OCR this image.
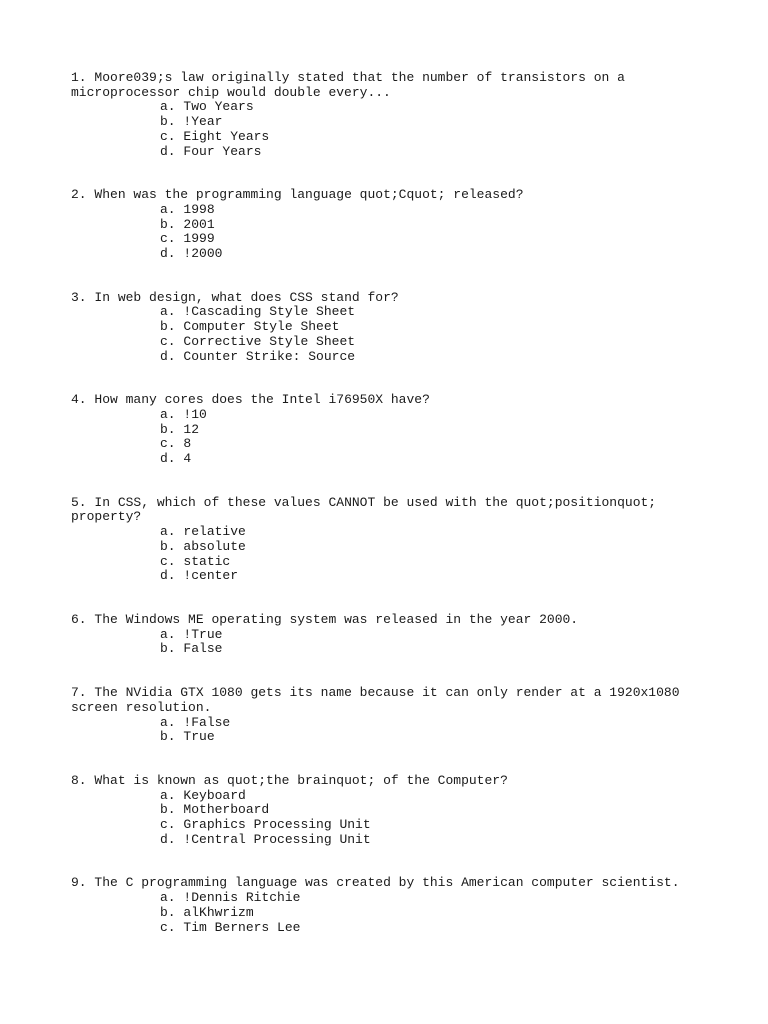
1. Moore039;s law originally stated that the number of transistors on a microprocessor chip would double every...

a. Two Years
b. !Year
c. Eight Years
d. Four Years

2. When was the programming language quot;Cquot; released?

a. 1998
b. 2001
c. 1999
d. !2000

3. In web design, what does CSS stand for?

a. !Cascading Style Sheet
b. Computer Style Sheet
c. Corrective Style Sheet
d. Counter Strike: Source

4. How many cores does the Intel i76950X have?

a. !10
b. 12
c. 8
d. 4

5. In CSS, which of these values CANNOT be used with the quot;positionquot; property?

a. relative
b. absolute
c. static
d. !center

6. The Windows ME operating system was released in the year 2000.

a. !True
b. False

7. The NVidia GTX 1080 gets its name because it can only render at a 1920x1080 screen resolution.

a. !False
b. True

8. What is known as quot;the brainquot; of the Computer?

a. Keyboard
b. Motherboard
c. Graphics Processing Unit
d. !Central Processing Unit

9. The C programming language was created by this American computer scientist.

a. !Dennis Ritchie
b. alKhwrizm
c. Tim Berners Lee
